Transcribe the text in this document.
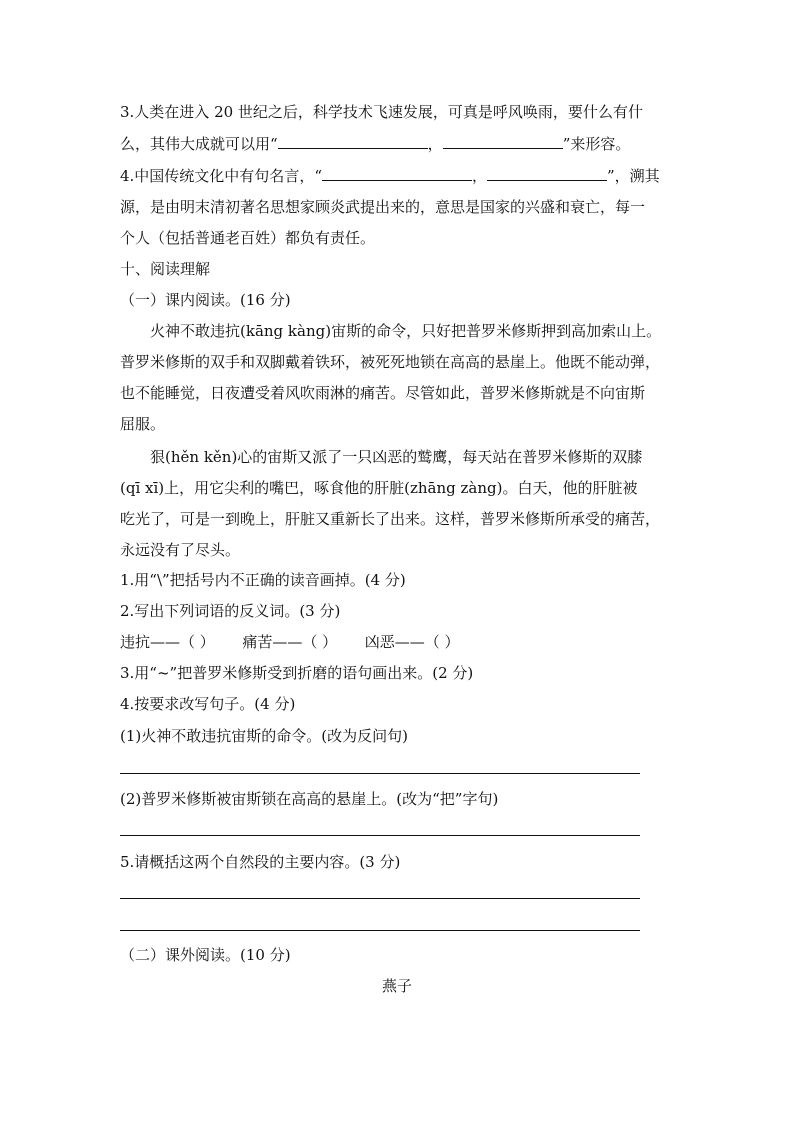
3.人类在进入 20 世纪之后，科学技术飞速发展，可真是呼风唤雨，要什么有什
么，其伟大成就可以用“	，	”来形容。
4.中国传统文化中有句名言，“	，	”，溯其
源，是由明末清初著名思想家顾炎武提出来的，意思是国家的兴盛和衰亡，每一
个人（包括普通老百姓）都负有责任。
十、阅读理解
（一）课内阅读。(16 分)
火神不敢违抗(kāng kàng)宙斯的命令，只好把普罗米修斯押到高加索山上。
普罗米修斯的双手和双脚戴着铁环，被死死地锁在高高的悬崖上。他既不能动弹，
也不能睡觉，日夜遭受着风吹雨淋的痛苦。尽管如此，普罗米修斯就是不向宙斯
屈服。
狠(hěn kěn)心的宙斯又派了一只凶恶的鹫鹰，每天站在普罗米修斯的双膝
(qī xī)上，用它尖利的嘴巴，啄食他的肝脏(zhāng zàng)。白天，他的肝脏被
吃光了，可是一到晚上，肝脏又重新长了出来。这样，普罗米修斯所承受的痛苦，
永远没有了尽头。
1.用“\”把括号内不正确的读音画掉。(4 分)
2.写出下列词语的反义词。(3 分)
违抗——（ ） 痛苦——（ ） 凶恶——（ ）
3.用“~”把普罗米修斯受到折磨的语句画出来。(2 分)
4.按要求改写句子。(4 分)
(1)火神不敢违抗宙斯的命令。(改为反问句)
(2)普罗米修斯被宙斯锁在高高的悬崖上。(改为“把”字句)
5.请概括这两个自然段的主要内容。(3 分)
（二）课外阅读。(10 分)
燕子
